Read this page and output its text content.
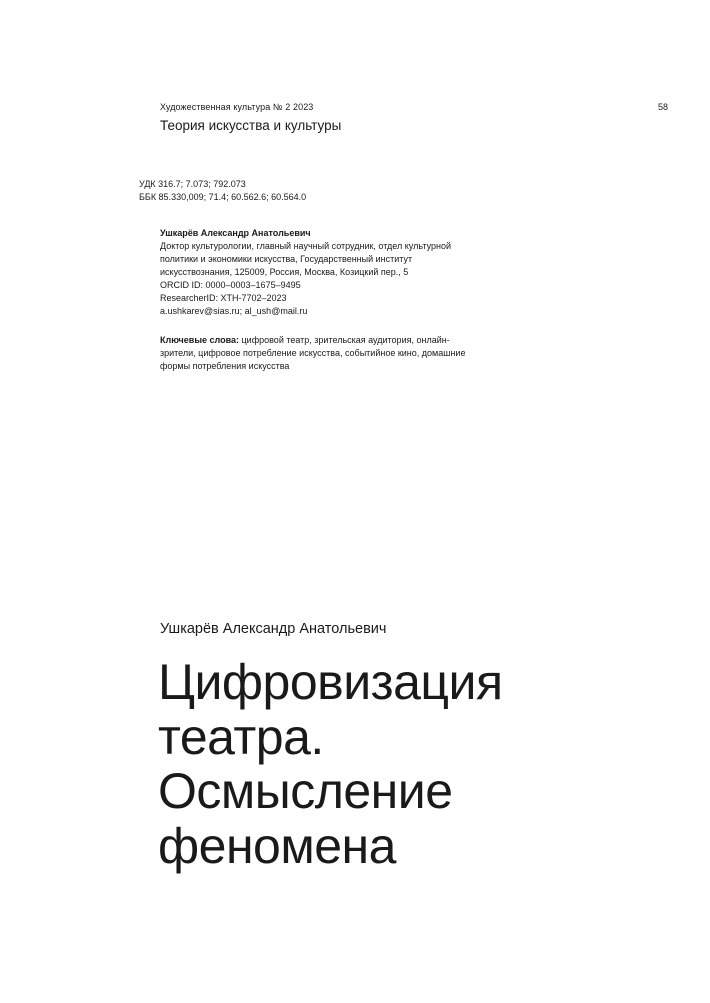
Художественная культура № 2 2023	58
Теория искусства и культуры
УДК 316.7; 7.073; 792.073
ББК 85.330,009; 71.4; 60.562.6; 60.564.0
Ушкарёв Александр Анатольевич
Доктор культурологии, главный научный сотрудник, отдел культурной
политики и экономики искусства, Государственный институт
искусствознания, 125009, Россия, Москва, Козицкий пер., 5
ORCID ID: 0000–0003–1675–9495
ResearcherID: XTH-7702–2023
a.ushkarev@sias.ru; al_ush@mail.ru
Ключевые слова: цифровой театр, зрительская аудитория, онлайн-
зрители, цифровое потребление искусства, событийное кино, домашние
формы потребления искусства
Ушкарёв Александр Анатольевич
Цифровизация
театра.
Осмысление
феномена
